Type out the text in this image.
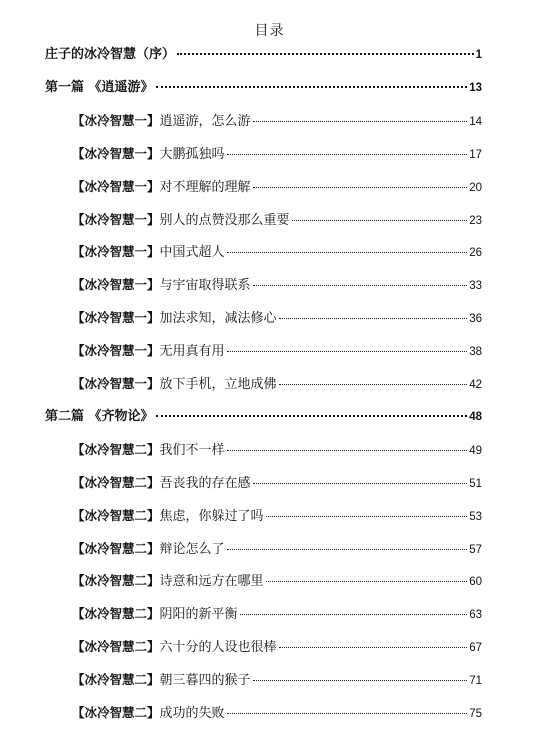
目录
庄子的冰冷智慧（序）	1
第一篇 《逍遥游》	13
【冰冷智慧一】逍遥游，怎么游	14
【冰冷智慧一】大鹏孤独吗	17
【冰冷智慧一】对不理解的理解	20
【冰冷智慧一】别人的点赞没那么重要	23
【冰冷智慧一】中国式超人	26
【冰冷智慧一】与宇宙取得联系	33
【冰冷智慧一】加法求知，减法修心	36
【冰冷智慧一】无用真有用	38
【冰冷智慧一】放下手机，立地成佛	42
第二篇 《齐物论》	48
【冰冷智慧二】我们不一样	49
【冰冷智慧二】吾丧我的存在感	51
【冰冷智慧二】焦虑，你躲过了吗	53
【冰冷智慧二】辩论怎么了	57
【冰冷智慧二】诗意和远方在哪里	60
【冰冷智慧二】阴阳的新平衡	63
【冰冷智慧二】六十分的人设也很棒	67
【冰冷智慧二】朝三暮四的猴子	71
【冰冷智慧二】成功的失败	75
